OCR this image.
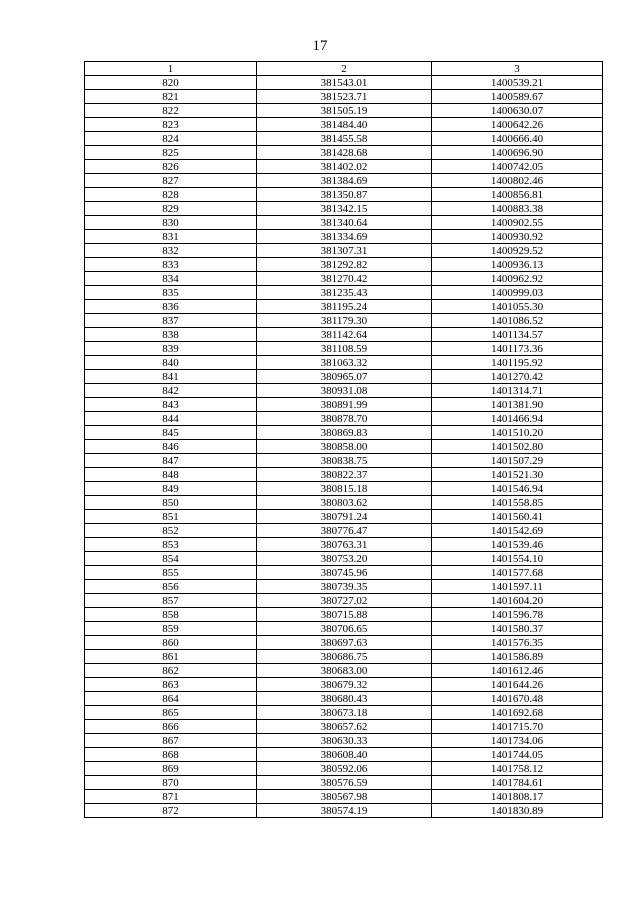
17
1	2	3
820	381543.01	1400539.21
821	381523.71	1400589.67
822	381505.19	1400630.07
823	381484.40	1400642.26
824	381455.58	1400666.40
825	381428.68	1400696.90
826	381402.02	1400742.05
827	381384.69	1400802.46
828	381350.87	1400856.81
829	381342.15	1400883.38
830	381340.64	1400902.55
831	381334.69	1400930.92
832	381307.31	1400929.52
833	381292.82	1400936.13
834	381270.42	1400962.92
835	381235.43	1400999.03
836	381195.24	1401055.30
837	381179.30	1401086.52
838	381142.64	1401134.57
839	381108.59	1401173.36
840	381063.32	1401195.92
841	380965.07	1401270.42
842	380931.08	1401314.71
843	380891.99	1401381.90
844	380878.70	1401466.94
845	380869.83	1401510.20
846	380858.00	1401502.80
847	380838.75	1401507.29
848	380822.37	1401521.30
849	380815.18	1401546.94
850	380803.62	1401558.85
851	380791.24	1401560.41
852	380776.47	1401542.69
853	380763.31	1401539.46
854	380753.20	1401554.10
855	380745.96	1401577.68
856	380739.35	1401597.11
857	380727.02	1401604.20
858	380715.88	1401596.78
859	380706.65	1401580.37
860	380697.63	1401576.35
861	380686.75	1401586.89
862	380683.00	1401612.46
863	380679.32	1401644.26
864	380680.43	1401670.48
865	380673.18	1401692.68
866	380657.62	1401715.70
867	380630.33	1401734.06
868	380608.40	1401744.05
869	380592.06	1401758.12
870	380576.59	1401784.61
871	380567.98	1401808.17
872	380574.19	1401830.89
